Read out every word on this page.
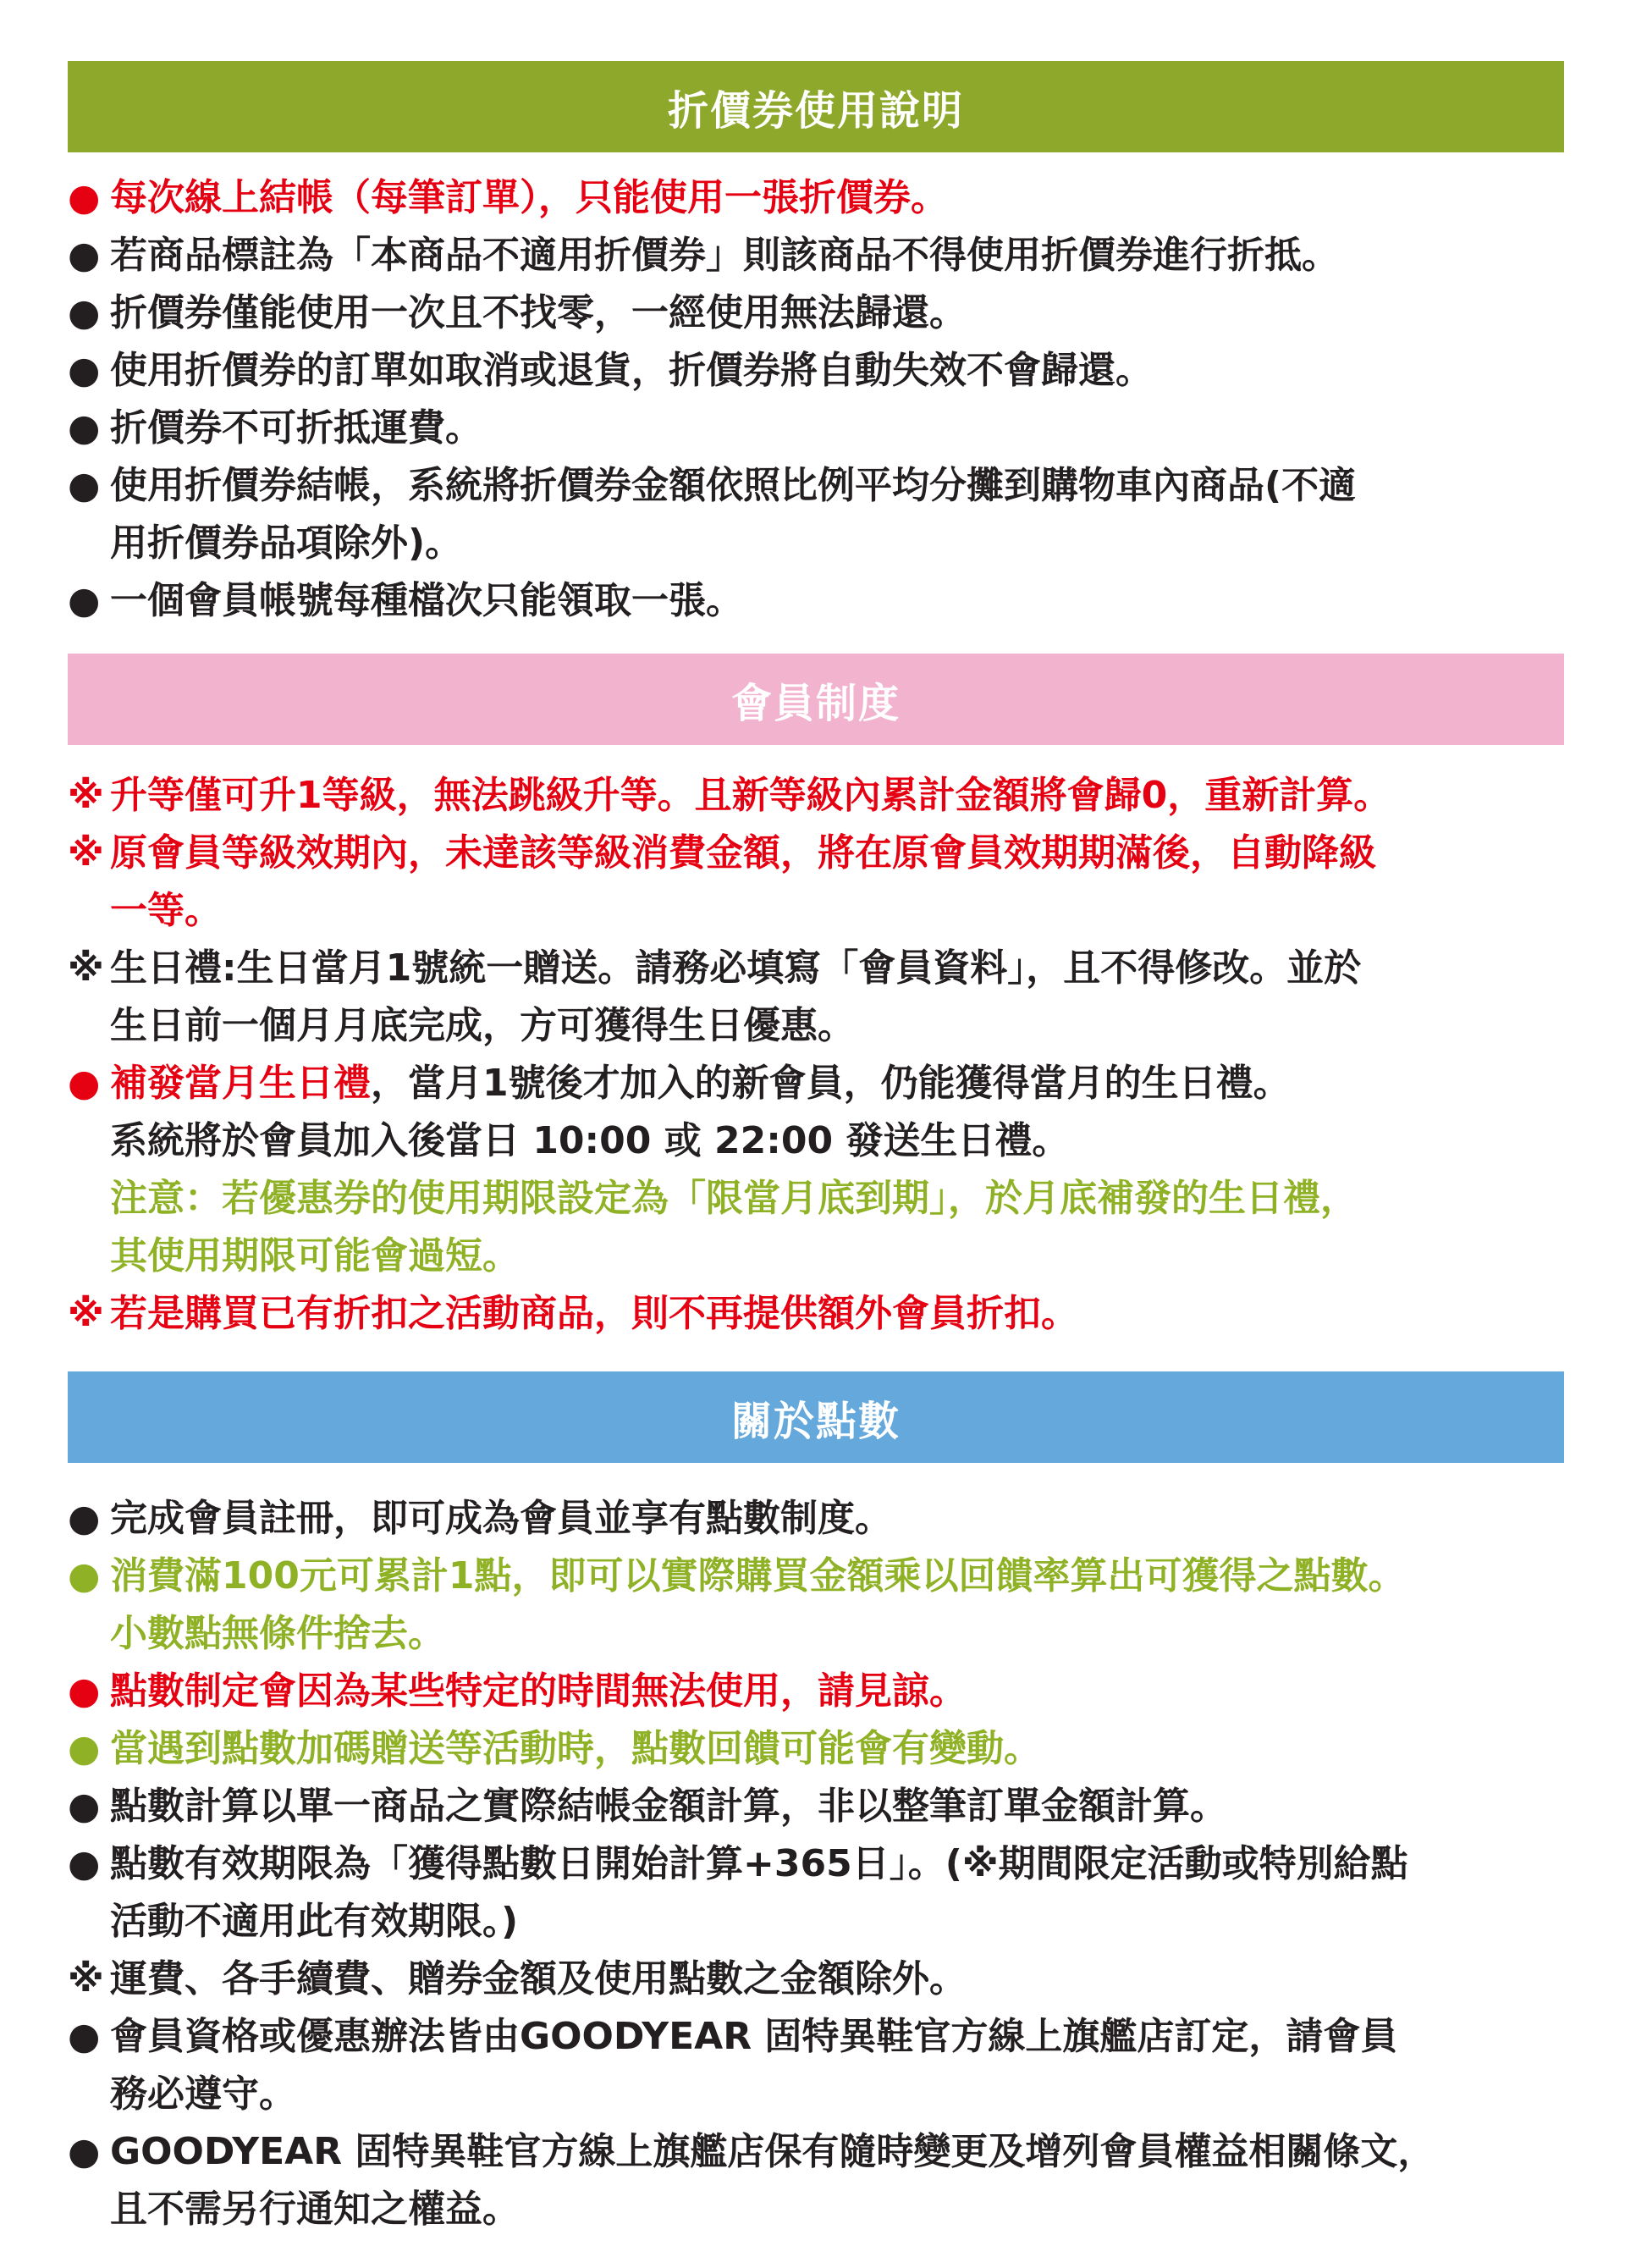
折價券使用說明
● 每次線上結帳（每筆訂單），只能使用一張折價券。
● 若商品標註為「本商品不適用折價券」則該商品不得使用折價券進行折抵。
● 折價券僅能使用一次且不找零，一經使用無法歸還。
● 使用折價券的訂單如取消或退貨，折價券將自動失效不會歸還。
● 折價券不可折抵運費。
● 使用折價券結帳，系統將折價券金額依照比例平均分攤到購物車內商品(不適
用折價券品項除外)。
● 一個會員帳號每種檔次只能領取一張。
會員制度
※ 升等僅可升1等級，無法跳級升等。且新等級內累計金額將會歸0，重新計算。
※ 原會員等級效期內，未達該等級消費金額，將在原會員效期期滿後，自動降級
一等。
※ 生日禮:生日當月1號統一贈送。請務必填寫「會員資料」，且不得修改。並於
生日前一個月月底完成，方可獲得生日優惠。
● 補發當月生日禮，當月1號後才加入的新會員，仍能獲得當月的生日禮。
系統將於會員加入後當日 10:00 或 22:00 發送生日禮。
注意：若優惠券的使用期限設定為「限當月底到期」，於月底補發的生日禮，
其使用期限可能會過短。
※ 若是購買已有折扣之活動商品，則不再提供額外會員折扣。
關於點數
● 完成會員註冊，即可成為會員並享有點數制度。
● 消費滿100元可累計1點，即可以實際購買金額乘以回饋率算出可獲得之點數。
小數點無條件捨去。
● 點數制定會因為某些特定的時間無法使用，請見諒。
● 當遇到點數加碼贈送等活動時，點數回饋可能會有變動。
● 點數計算以單一商品之實際結帳金額計算，非以整筆訂單金額計算。
● 點數有效期限為「獲得點數日開始計算+365日」。(※期間限定活動或特別給點
活動不適用此有效期限。)
※ 運費、各手續費、贈券金額及使用點數之金額除外。
● 會員資格或優惠辦法皆由GOODYEAR 固特異鞋官方線上旗艦店訂定，請會員
務必遵守。
● GOODYEAR 固特異鞋官方線上旗艦店保有隨時變更及增列會員權益相關條文，
且不需另行通知之權益。
